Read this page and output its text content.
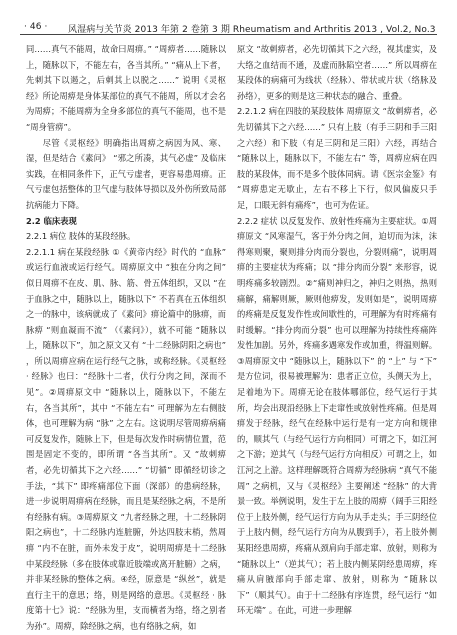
· 46 · 风湿病与关节炎 2013 年第 2 卷第 3 期 Rheumatism and Arthritis 2013 , Vol.2, No.3

同……真气不能周，故命曰周痹。” “周痹者……随脉以上，随脉以下，不能左右，各当其所。” “痛从上下者，先刺其下以遏之，后刺其上以脱之……” 说明《灵枢经》所论周痹是身体某部位的真气不能周，所以才会名为周痹；不能周痹为全身多部位的真气不能周，也不是 “周身管痹”。

尽管《灵枢经》明确指出周痹之病因为风、寒、湿，但是结合《素问》 “邪之所凑，其气必虚” 及临床实践，在相同条件下，正气亏虚者，更容易患周痹。正气亏虚包括整体的卫气虚与肢体导损以及外伤所致局部抗病能力下降。

2.2 临床表现

2.2.1 病位 肢体的某段经脉。

2.2.1.1 病在某段经脉 ①《黄帝内经》时代的 “血脉” 或运行血液或运行经气。周痹原文中 “独在分肉之间” 似日周痹不在皮、肌、脉、筋、骨五体组织，又以 “在于血脉之中，随脉以上，随脉以下” 不若真在五体组织之一的脉中，该病就成了《素问》痹论篇中的脉痹，而脉痹 “则血凝而不流” （《素问》），就不可能 “随脉以上，随脉以下”，加之原文又有 “十二经脉阴阳之病也” ，所以周痹应病在运行经气之脉，或称经脉。《灵枢经 · 经脉》也曰：“经脉十二者，伏行分肉之间，深而不见”。②周痹原文中 “随脉以上，随脉以下，不能左右，各当其所”，其中 “不能左右” 可理解为左右侧肢体，也可理解为病 “脉” 之左右。这说明尽管周痹病痛可反复发作，随脉上下，但是每次发作时病情位置，范围是固定不变的，即所谓 “各当其所”。又 “故刺痹者，必先切循其下之六经……” “切循” 即循经切诊之手法，“其下” 即疼痛部位下面（深部）的患病经脉，进一步说明周痹病在经脉，而且是某经脉之病，不是所有经脉有病。③周痹原文 “九者经脉之理，十二经脉阴阳之病也”，十二经脉内连脏腑，外达四肢末梢，然周痹 “内不在脏，而外未发于皮”，说明周痹是十二经脉中某段经脉（多在肢体或靠近肢端或离开脏腑）之病，并非某经脉的整体之病。④经，原意是 “纵丝”，就是直行主干的意思；络，则是网络的意思。《灵枢经 · 脉度第十七》说：“经脉为里，支而横者为络，络之别者为孙”。周痹，除经脉之病，也有络脉之病，如

原文 “故刺痹者，必先切循其下之六经，视其虚实，及大络之血结而不通，及虚而脉陷空者……” 所以周痹在某段体的病痛可为线状（经脉）、带状或片状（络脉及孙络），更多的则是这三种状态的融合、重叠。

2.2.1.2 病在四肢的某段肢体 周痹原文 “故刺痹者，必先切循其下之六经……” 只有上肢（有手三阴和手三阳之六经）和下肢（有足三阴和足三阳）六经，再结合 “随脉以上，随脉以下，不能左右” 等，周痹应病在四肢的某段体，而不是多个肢体同病。请《医宗金鉴》有 “周痹患定无歇止，左右不移上下行，似风偏废只手足，口眼无斜有痛疼”，也可为佐证。

2.2.2 症状 以反复发作、放射性疼痛为主要症状。①周痹原文 “风寒湿气，客于外分肉之间，迫切而为沫，沫得寒则聚，聚则排分肉而分裂也，分裂则痛”，说明周痹的主要症状为疼痛；以 “排分肉而分裂” 来形容，说明疼痛多较剧烈。②“痛则神归之，神归之则热，热则痛解，痛解则厥，厥则他痹发，发则如是”，说明周痹的疼痛是反复发作性或间歇性的，可理解为有时疼痛有时缓解。“排分肉而分裂” 也可以理解为持续性疼痛阵发性加剧。另外，疼痛多遇寒发作或加重，得温则解。③周痹原文中 “随脉以上，随脉以下” 的 “上” 与 “下” 是方位词，很易被理解为：患者正立位，头侧天为上，足着地为下。周痹无论在肢体哪部位，经气运行于其所，均会出现沿经脉上下走窜性或放射性疼痛。但是周痹发于经脉，经气在经脉中运行是有一定方向和规律的，顺其气（与经气运行方向相同）可谓之下，如江河之下游；逆其气（与经气运行方向相反）可谓之上，如江河之上游。这样理解既符合周痹为经脉病 “真气不能周” 之病机，又与《灵枢经》主要阐述 “经脉” 的大背景一致。举例说明，发生于左上肢的周痹（阔手三阳经位于上肢外侧，经气运行方向为从手走头；手三阴经位于上肢内侧，经气运行方向为从腹到手），若上肢外侧某阳经患周痹，疼痛从颈肩向手部走窜、放射，则称为 “随脉以上”（逆其气）；若上肢内侧某阴经患周痹，疼痛从肩腋部向手部走窜、放射，则称为 “随脉以下”（顺其气）。由于十二经脉有序连贯，经气运行 “如环无端” 。在此，可进一步理解
